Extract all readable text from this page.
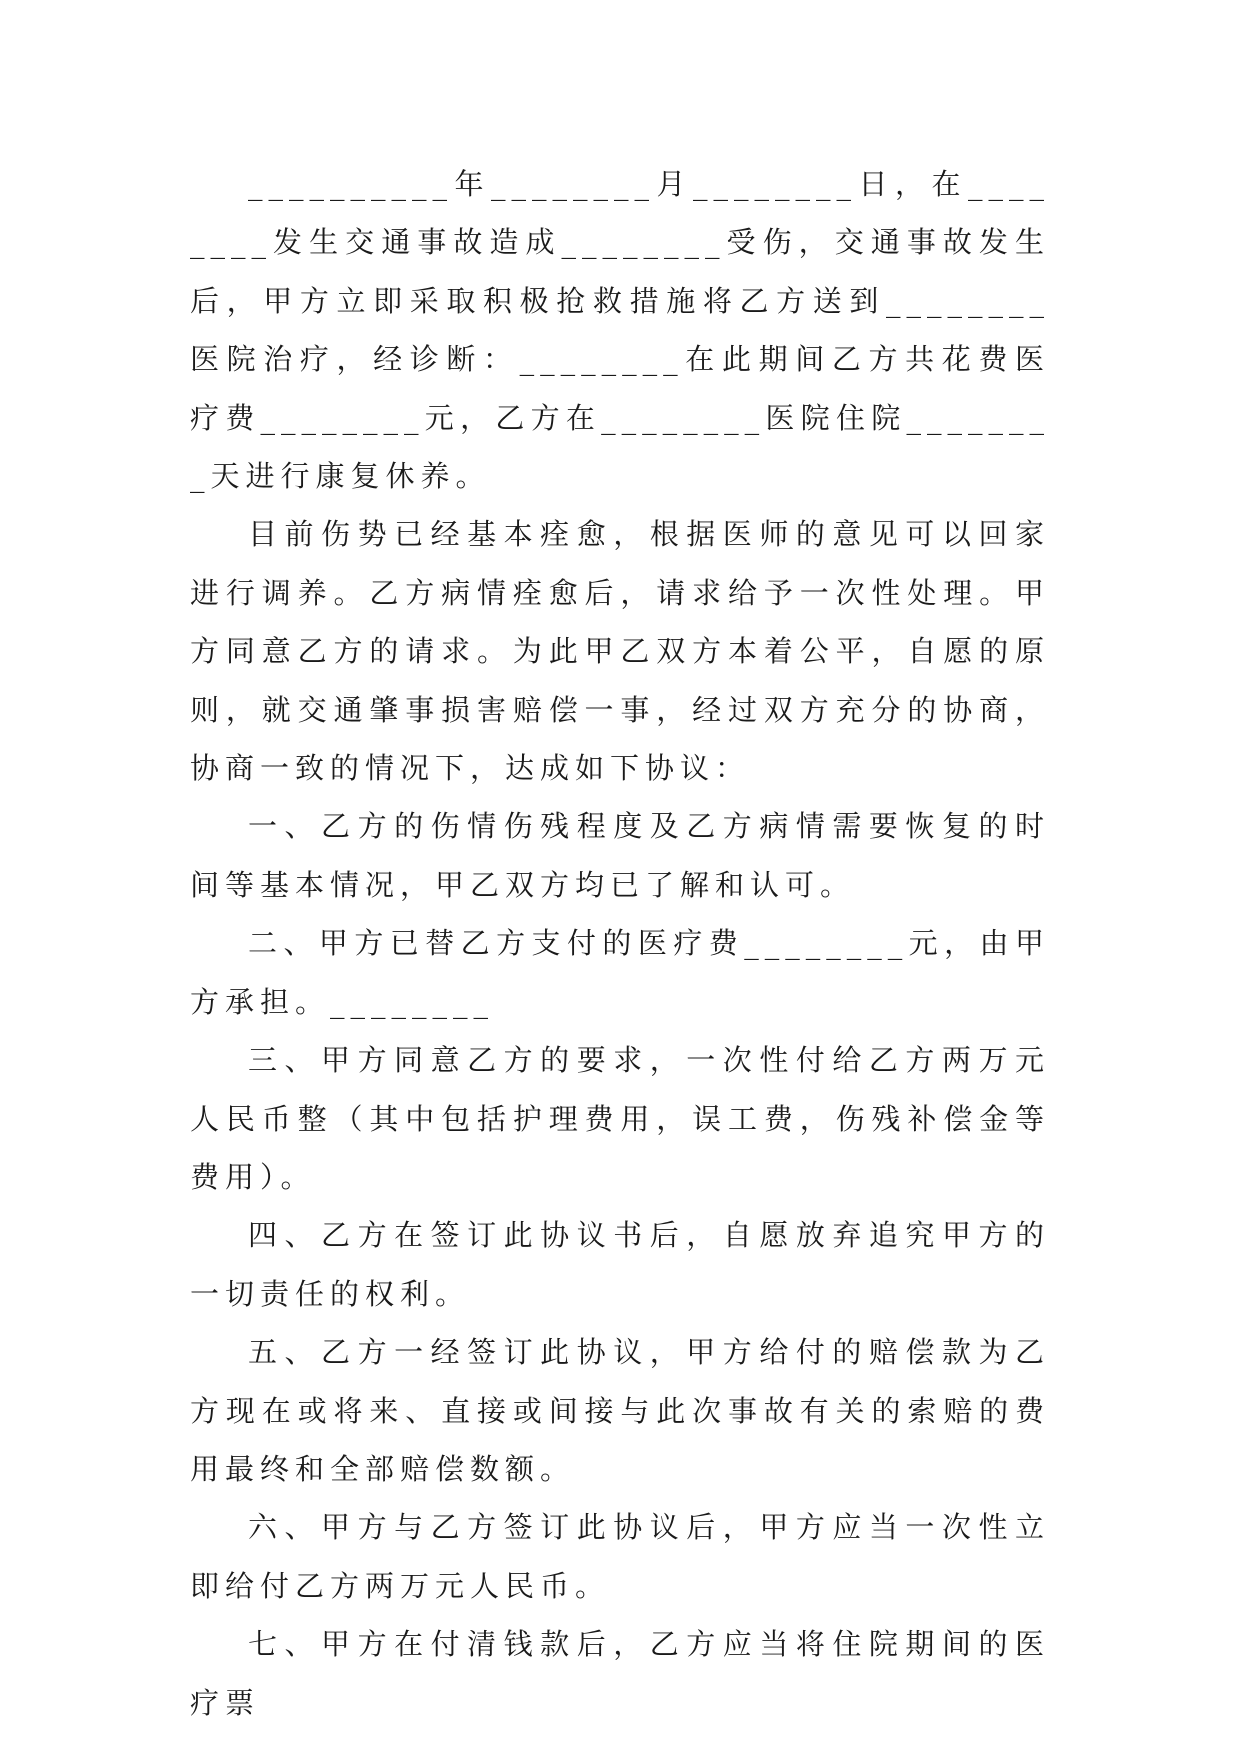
__________年________月________日，在________发生交通事故造成________受伤，交通事故发生后，甲方立即采取积极抢救措施将乙方送到________医院治疗，经诊断：________在此期间乙方共花费医疗费________元，乙方在________医院住院________天进行康复休养。

目前伤势已经基本痊愈，根据医师的意见可以回家进行调养。乙方病情痊愈后，请求给予一次性处理。甲方同意乙方的请求。为此甲乙双方本着公平，自愿的原则，就交通肇事损害赔偿一事，经过双方充分的协商，协商一致的情况下，达成如下协议：

一、乙方的伤情伤残程度及乙方病情需要恢复的时间等基本情况，甲乙双方均已了解和认可。

二、甲方已替乙方支付的医疗费________元，由甲方承担。________

三、甲方同意乙方的要求，一次性付给乙方两万元人民币整（其中包括护理费用，误工费，伤残补偿金等费用）。

四、乙方在签订此协议书后，自愿放弃追究甲方的一切责任的权利。

五、乙方一经签订此协议，甲方给付的赔偿款为乙方现在或将来、直接或间接与此次事故有关的索赔的费用最终和全部赔偿数额。

六、甲方与乙方签订此协议后，甲方应当一次性立即给付乙方两万元人民币。

七、甲方在付清钱款后，乙方应当将住院期间的医疗票
